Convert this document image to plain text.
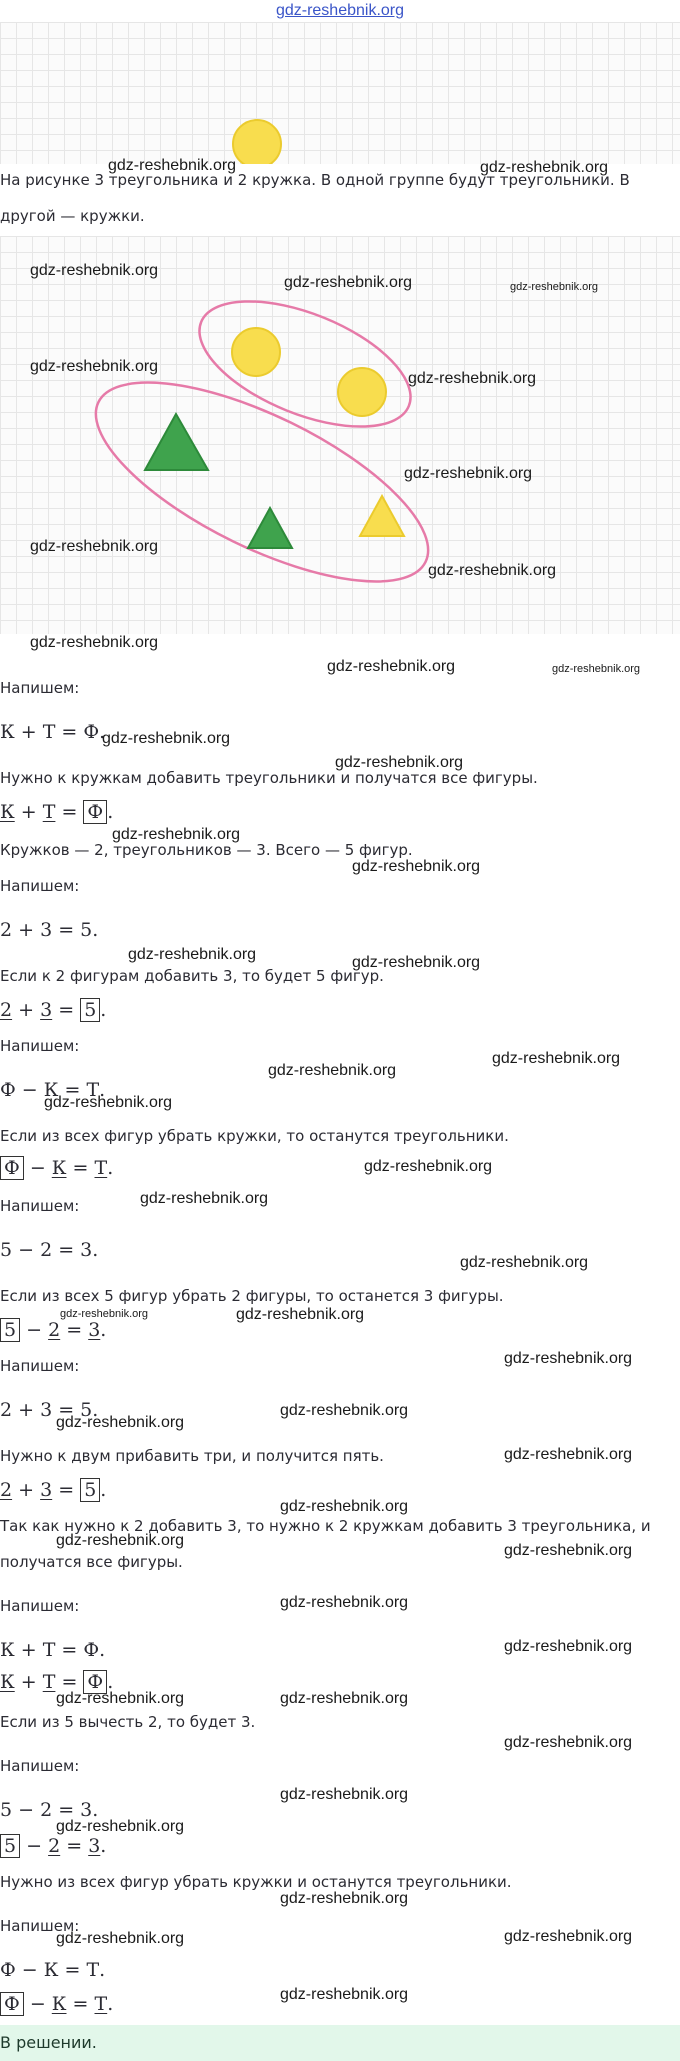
gdz-reshebnik.org
gdz-reshebnik.org	gdz-reshebnik.org
На рисунке 3 треугольника и 2 кружка. В одной группе будут треугольники. В
другой — кружки.
gdz-reshebnik.org
gdz-reshebnik.org	gdz-reshebnik.org
gdz-reshebnik.org
gdz-reshebnik.org
gdz-reshebnik.org
gdz-reshebnik.org
gdz-reshebnik.org
gdz-reshebnik.org
gdz-reshebnik.org	gdz-reshebnik.org
Напишем:
К + Т = Ф.
gdz-reshebnik.org
gdz-reshebnik.org
Нужно к кружкам добавить треугольники и получатся все фигуры.
К + Т = Ф .
gdz-reshebnik.org
Кружков — 2, треугольников — 3. Всего — 5 фигур.
gdz-reshebnik.org
Напишем:
2 + 3 = 5.
gdz-reshebnik.org
Если к 2 фигурам добавить 3, то будет 5 фигур.
gdz-reshebnik.org
2 + 3 = 5 .
Напишем:
gdz-reshebnik.org
gdz-reshebnik.org
Ф − К = Т.
gdz-reshebnik.org
Если из всех фигур убрать кружки, то останутся треугольники.
Ф − К = Т.	gdz-reshebnik.org
Напишем:	gdz-reshebnik.org
5 − 2 = 3.
gdz-reshebnik.org
Если из всех 5 фигур убрать 2 фигуры, то останется 3 фигуры.
gdz-reshebnik.org	gdz-reshebnik.org
5 − 2 = 3.
gdz-reshebnik.org
Напишем:
2 + 3 = 5.	gdz-reshebnik.org
gdz-reshebnik.org
Нужно к двум прибавить три, и получится пять.	gdz-reshebnik.org
2 + 3 = 5 .
gdz-reshebnik.org
Так как нужно к 2 добавить 3, то нужно к 2 кружкам добавить 3 треугольника, и
gdz-reshebnik.org
gdz-reshebnik.org
получатся все фигуры.
Напишем:	gdz-reshebnik.org
К + Т = Ф.	gdz-reshebnik.org
К + Т = Ф .
gdz-reshebnik.org	gdz-reshebnik.org
Если из 5 вычесть 2, то будет 3.
gdz-reshebnik.org
Напишем:
gdz-reshebnik.org
5 − 2 = 3.
gdz-reshebnik.org
5 − 2 = 3.
Нужно из всех фигур убрать кружки и останутся треугольники.
gdz-reshebnik.org
Напишем:
gdz-reshebnik.org	gdz-reshebnik.org
Ф − К = Т.
Ф − К = Т.	gdz-reshebnik.org
В решении.
